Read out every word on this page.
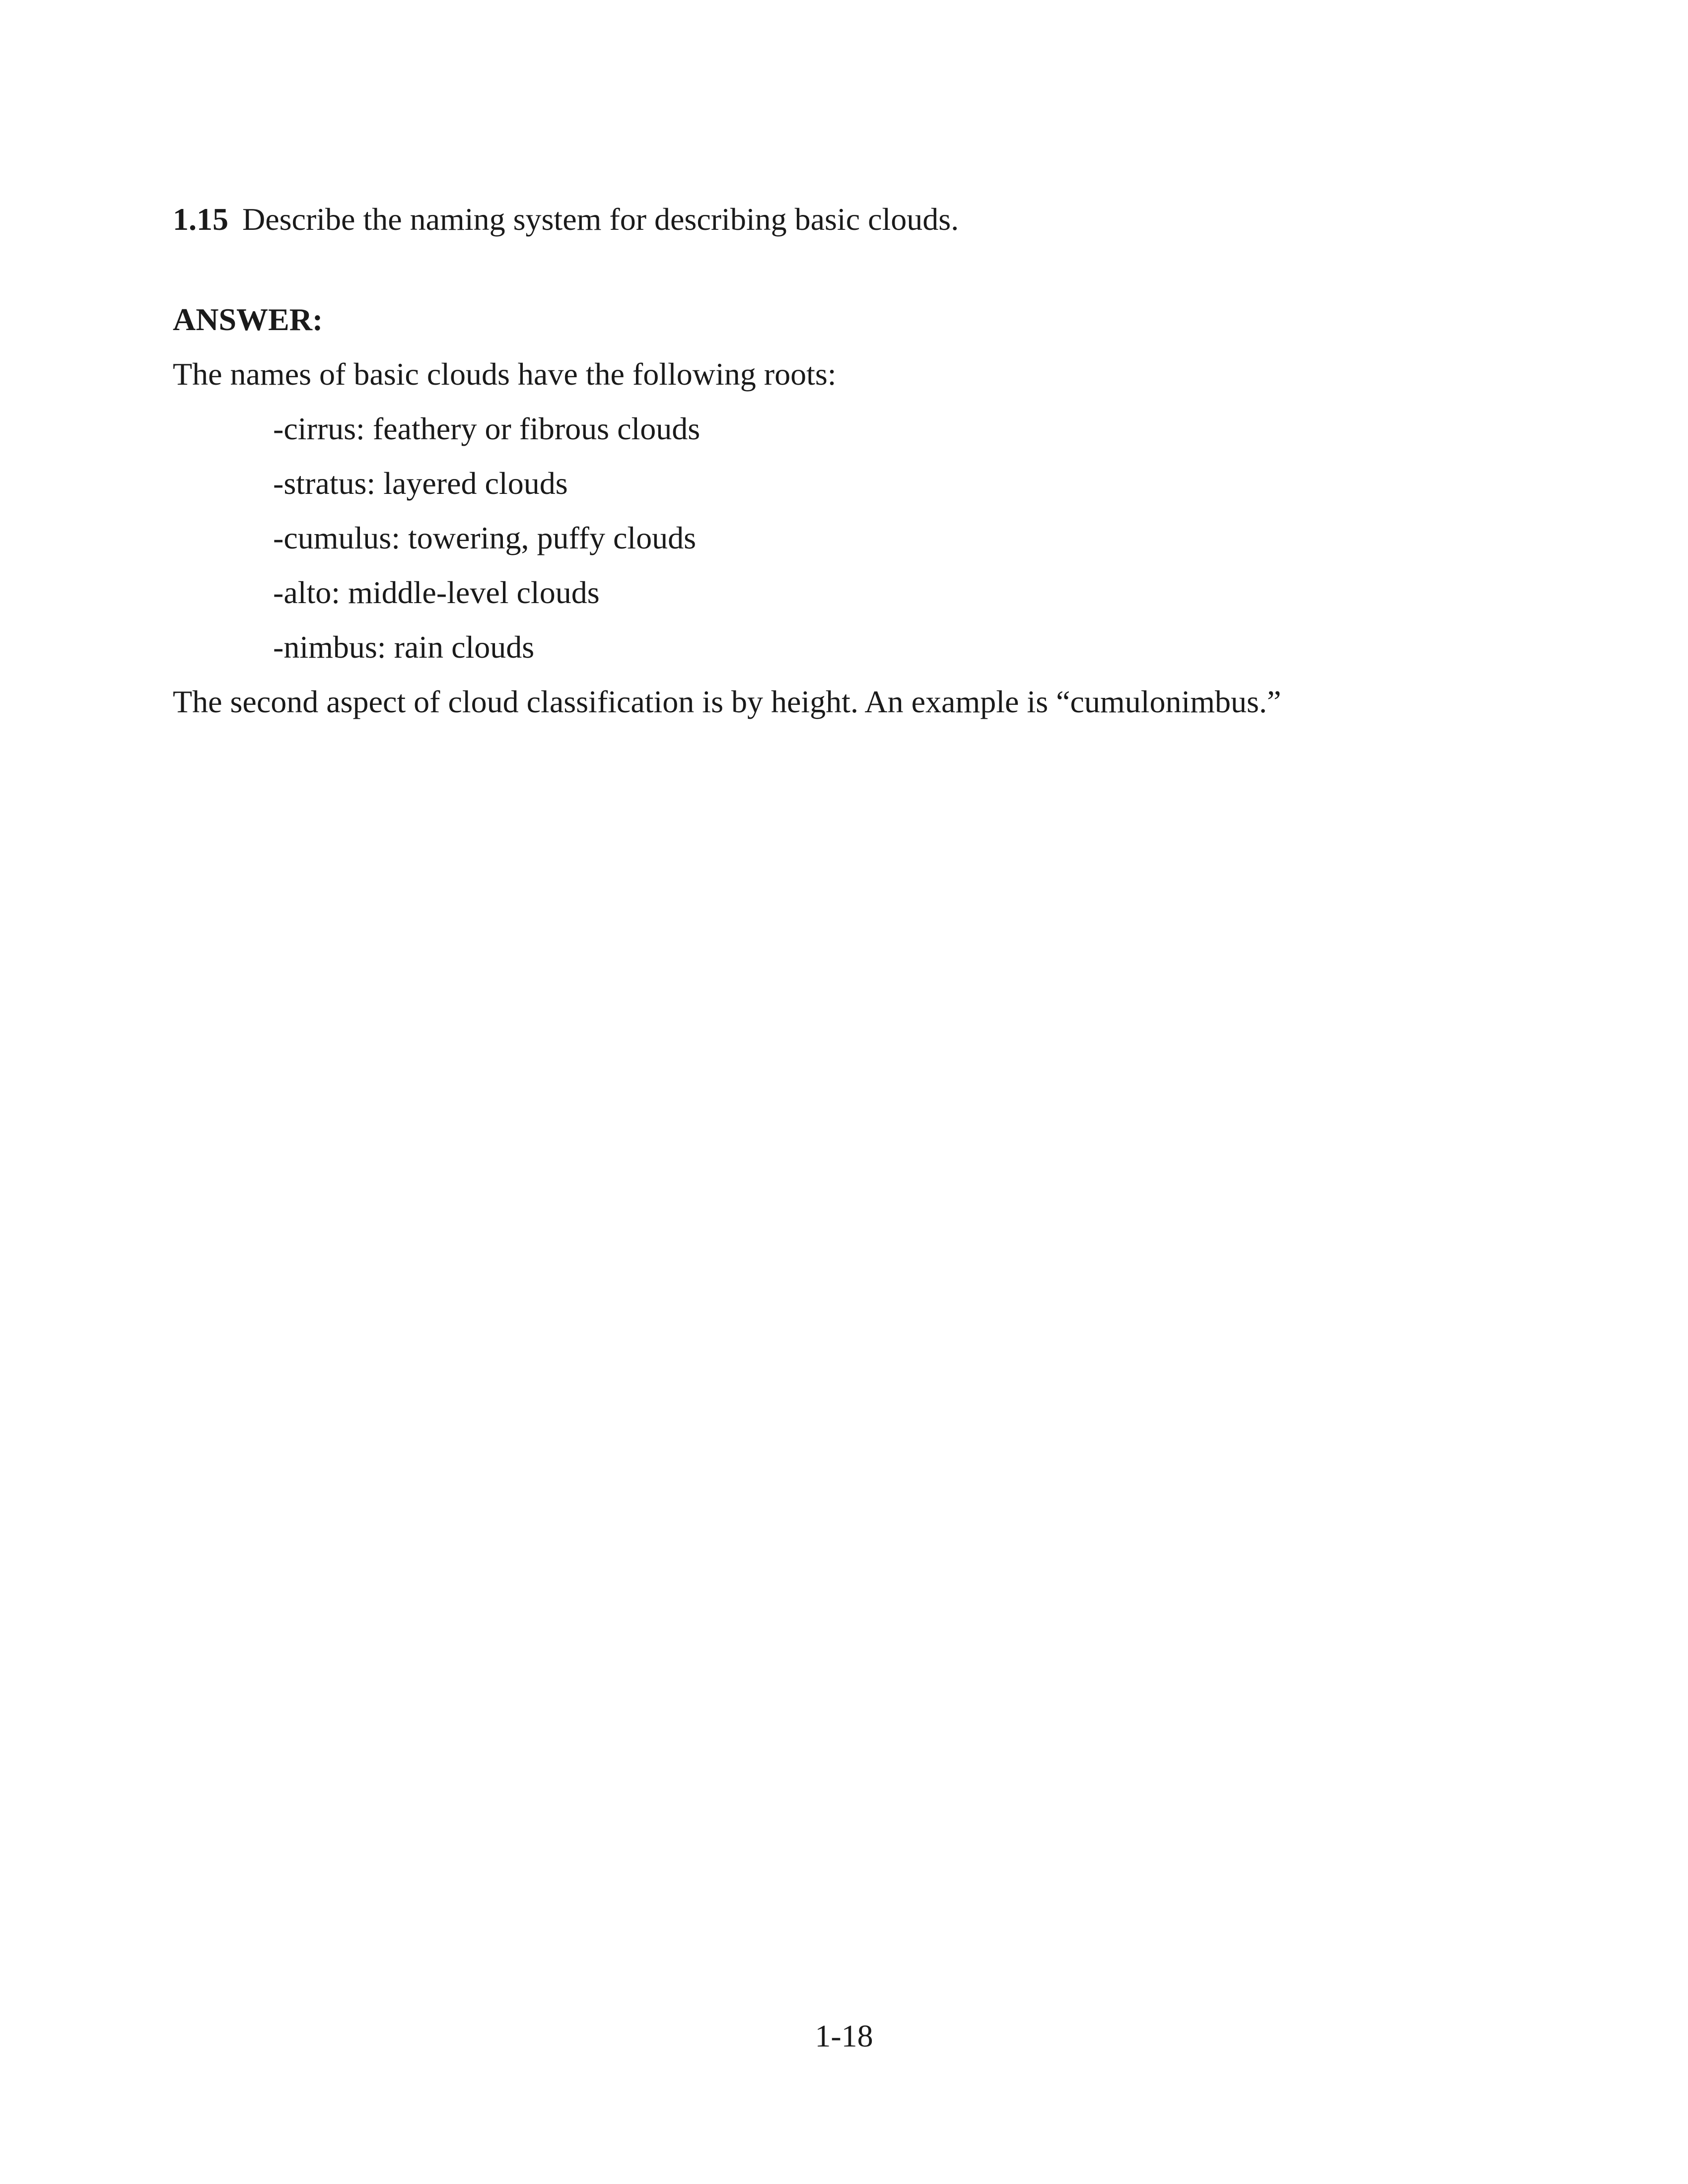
1.15 Describe the naming system for describing basic clouds.
ANSWER:
The names of basic clouds have the following roots:
-cirrus: feathery or fibrous clouds
-stratus: layered clouds
-cumulus: towering, puffy clouds
-alto: middle-level clouds
-nimbus: rain clouds
The second aspect of cloud classification is by height. An example is “cumulonimbus.”
1-18
